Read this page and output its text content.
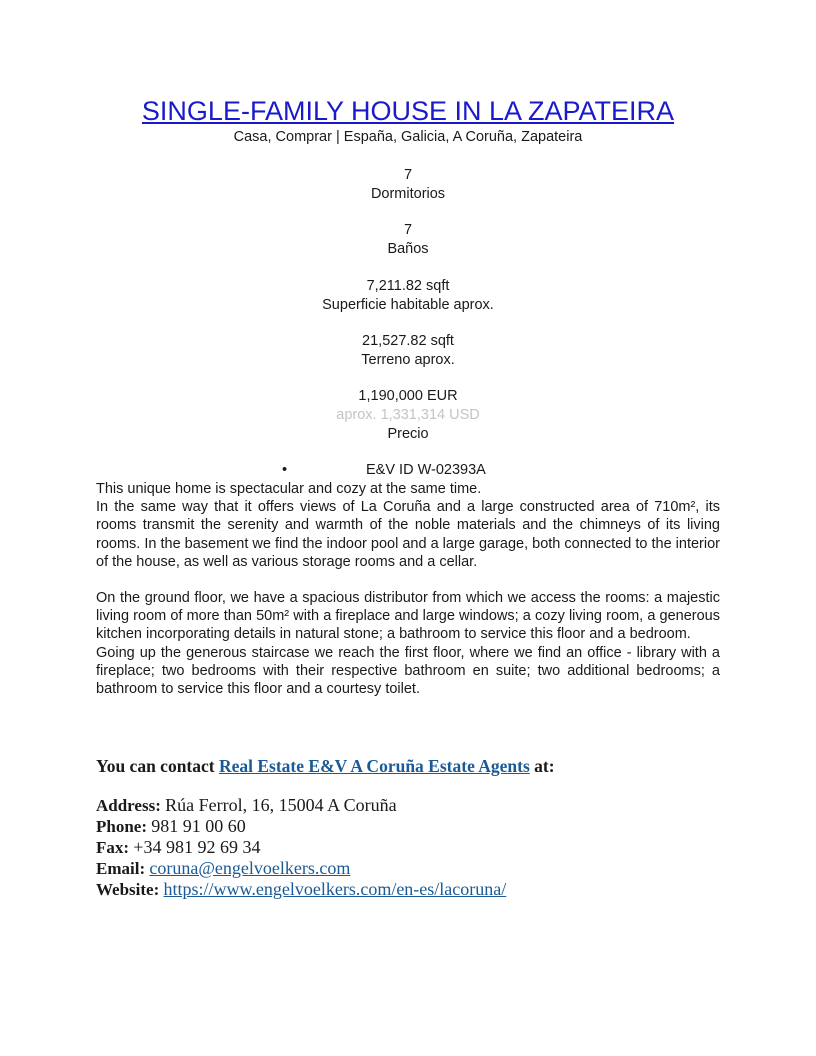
SINGLE-FAMILY HOUSE IN LA ZAPATEIRA
Casa, Comprar | España, Galicia, A Coruña, Zapateira
7
Dormitorios
7
Baños
7,211.82 sqft
Superficie habitable aprox.
21,527.82 sqft
Terreno aprox.
1,190,000 EUR
aprox. 1,331,314 USD
Precio
•	E&V ID W-02393A

This unique home is spectacular and cozy at the same time.

In the same way that it offers views of La Coruña and a large constructed area of 710m², its rooms transmit the serenity and warmth of the noble materials and the chimneys of its living rooms. In the basement we find the indoor pool and a large garage, both connected to the interior of the house, as well as various storage rooms and a cellar.

On the ground floor, we have a spacious distributor from which we access the rooms: a majestic living room of more than 50m² with a fireplace and large windows; a cozy living room, a generous kitchen incorporating details in natural stone; a bathroom to service this floor and a bedroom.

Going up the generous staircase we reach the first floor, where we find an office - library with a fireplace; two bedrooms with their respective bathroom en suite; two additional bedrooms; a bathroom to service this floor and a courtesy toilet.

You can contact Real Estate E&V A Coruña Estate Agents at:
Address: Rúa Ferrol, 16, 15004 A Coruña
Phone: 981 91 00 60
Fax: +34 981 92 69 34
Email: coruna@engelvoelkers.com
Website: https://www.engelvoelkers.com/en-es/lacoruna/
